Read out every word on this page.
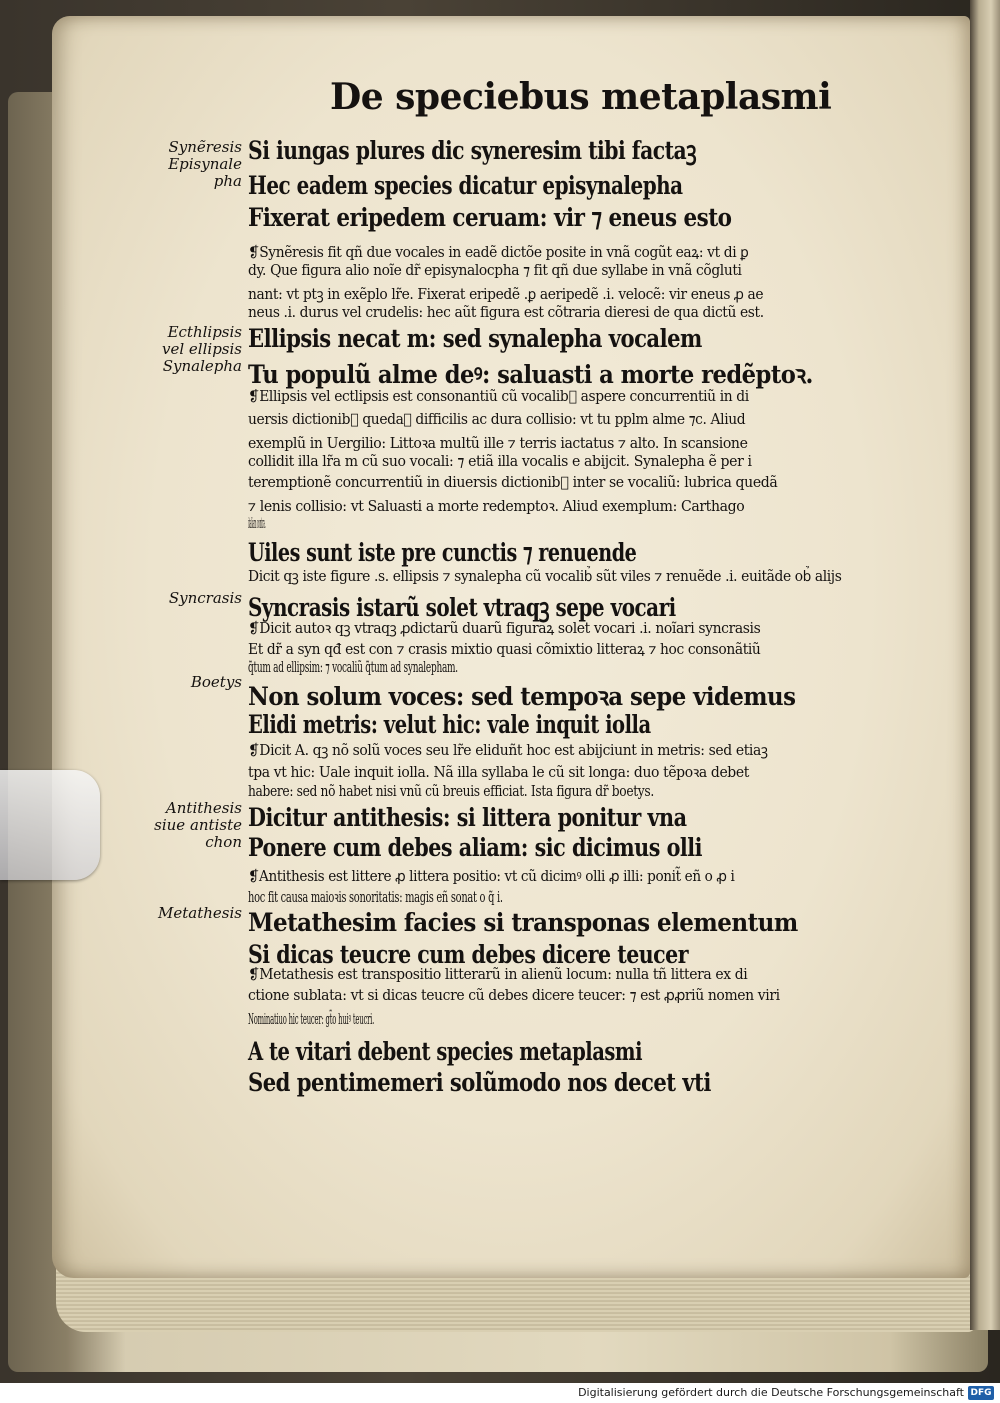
De speciebus metaplasmi
Synẽresis
Episynale
pha
Ecthlipsis
vel ellipsis
Synalepha
Syncrasis
Boetys
Antithesis
siue antiste
chon
Metathesis
Si iungas plures dic syneresim tibi factaꝫ
Hec eadem species dicatur episynalepha
Fixerat eripedem ceruam: vir ⁊ eneus esto
❡Synẽresis fit qñ due vocales in eadẽ dictõe posite in vnã cogũt eaꝝ: vt di ꝑ
dy. Que figura alio noĩe dr̃ episynalocpha ⁊ fit qñ due syllabe in vnã cõgluti
nant: vt ptꝫ in exẽplo lr̃e. Fixerat eripedẽ .ꝑ aeripedẽ .i. velocẽ: vir eneus ꝓ ae
neus .i. durus vel crudelis: hec aũt figura est cõtraria dieresi de qua dictũ est.
Ellipsis necat m: sed synalepha vocalem
Tu populũ alme deꝰ: saluasti a morte redẽptoꝛ.
❡Ellipsis vel ectlipsis est consonantiũ cũ vocalib᷒ aspere concurrentiũ in di
uersis dictionib᷒ quedaꝫ difficilis ac dura collisio: vt tu ppl̃m alme ⁊c. Aliud
exemplũ in Uergilio: Littoꝛa multũ ille ⁊ terris iactatus ⁊ alto. In scansione
collidit illa lr̃a m cũ suo vocali: ⁊ etiã illa vocalis e abijcit. Synalepha ẽ per i
teremptionẽ concurrentiũ in diuersis dictionib᷒ inter se vocaliũ: lubrica quedã
⁊ lenis collisio: vt Saluasti a morte redemptoꝛ. Aliud exemplum: Carthago
italiam contra.
Uiles sunt iste pre cunctis ⁊ renuende
Dicit qꝫ iste figure .s. ellipsis ⁊ synalepha cũ vocalib᷒ sũt viles ⁊ renuẽde .i. euitãde ob᷒ alijs
Syncrasis istarũ solet vtraqꝫ sepe vocari
❡Dicit autoꝛ qꝫ vtraqꝫ ꝓdictarũ duarũ figuraꝝ solet vocari .i. noĩari syncrasis
Et dr̃ a syn qđ est con ⁊ crasis mixtio quasi cõmixtio litteraꝝ ⁊ hoc consonãtiũ
q̃tum ad ellipsim: ⁊ vocaliũ q̃tum ad synalepham.
Non solum voces: sed tempoꝛa sepe videmus
Elidi metris: velut hic: vale inquit iolla
❡Dicit A. qꝫ nõ solũ voces seu lr̃e eliduñt hoc est abijciunt in metris: sed etiaꝫ
tpa vt hic: Uale inquit iolla. Nã illa syllaba le cũ sit longa: duo tẽpoꝛa debet
habere: sed nõ habet nisi vnũ cũ breuis efficiat. Ista figura dr̃ boetys.
Dicitur antithesis: si littera ponitur vna
Ponere cum debes aliam: sic dicimus olli
❡Antithesis est littere ꝓ littera positio: vt cũ dicimꝰ olli ꝓ illi: ponit̃ eñ o ꝓ i
hoc fit causa maioꝛis sonoritatis: magis eñ sonat o q̃ i.
Metathesim facies si transponas elementum
Si dicas teucre cum debes dicere teucer
❡Metathesis est transpositio litterarũ in alienũ locum: nulla tñ littera ex di
ctione sublata: vt si dicas teucre cũ debes dicere teucer: ⁊ est ꝓꝓriũ nomen viri
Nominatiuo hic teucer: gt̃o huiꝰ teucri.
A te vitari debent species metaplasmi
Sed pentimemeri solũmodo nos decet vti
Digitalisierung gefördert durch die Deutsche Forschungsgemeinschaft DFG
